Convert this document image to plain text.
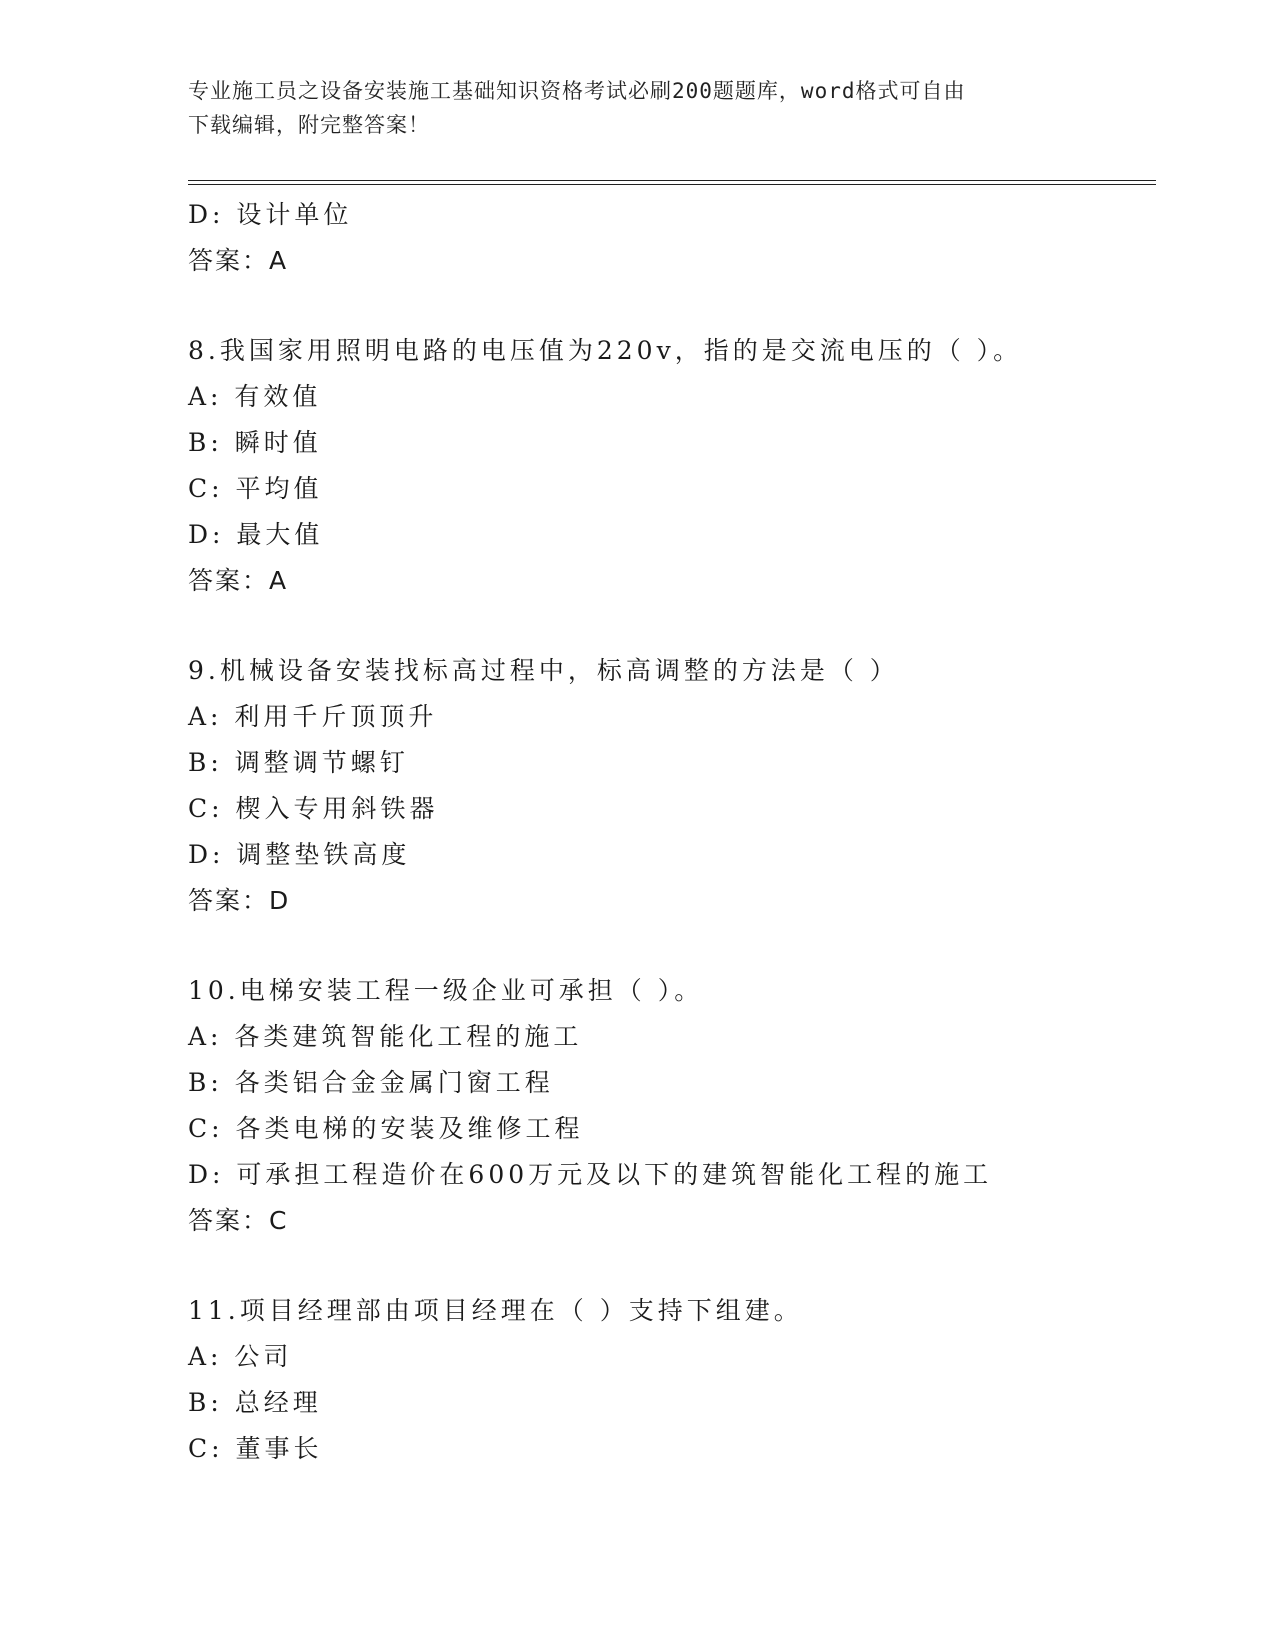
专业施工员之设备安装施工基础知识资格考试必刷200题题库，word格式可自由
下载编辑，附完整答案！
D: 设计单位
答案：A
8.我国家用照明电路的电压值为220v，指的是交流电压的（ ）。
A: 有效值
B: 瞬时值
C: 平均值
D: 最大值
答案：A
9.机械设备安装找标高过程中，标高调整的方法是（ ）
A: 利用千斤顶顶升
B: 调整调节螺钉
C: 楔入专用斜铁器
D: 调整垫铁高度
答案：D
10.电梯安装工程一级企业可承担（ ）。
A: 各类建筑智能化工程的施工
B: 各类铝合金金属门窗工程
C: 各类电梯的安装及维修工程
D: 可承担工程造价在600万元及以下的建筑智能化工程的施工
答案：C
11.项目经理部由项目经理在（ ）支持下组建。
A: 公司
B: 总经理
C: 董事长
